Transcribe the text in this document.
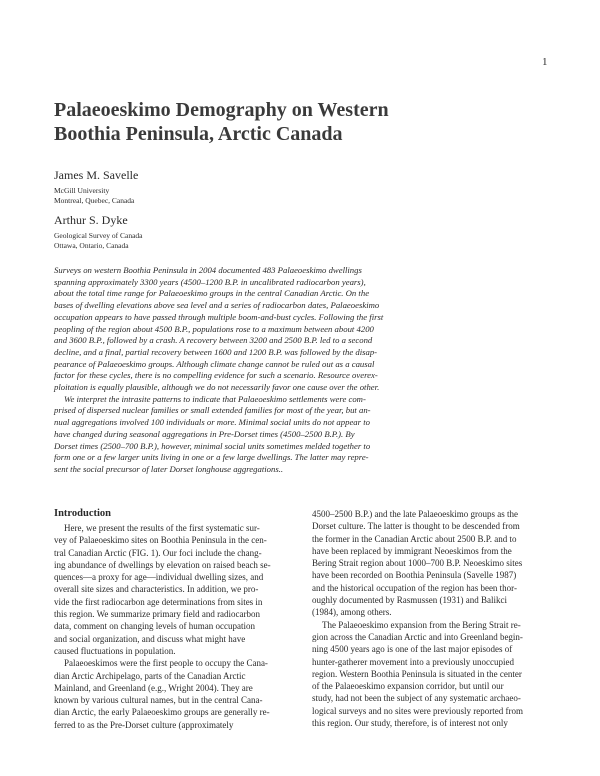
1
Palaeoeskimo Demography on Western
Boothia Peninsula, Arctic Canada
James M. Savelle
McGill University
Montreal, Quebec, Canada
Arthur S. Dyke
Geological Survey of Canada
Ottawa, Ontario, Canada
Surveys on western Boothia Peninsula in 2004 documented 483 Palaeoeskimo dwellings
spanning approximately 3300 years (4500–1200 B.P. in uncalibrated radiocarbon years),
about the total time range for Palaeoeskimo groups in the central Canadian Arctic. On the
bases of dwelling elevations above sea level and a series of radiocarbon dates, Palaeoeskimo
occupation appears to have passed through multiple boom-and-bust cycles. Following the first
peopling of the region about 4500 B.P., populations rose to a maximum between about 4200
and 3600 B.P., followed by a crash. A recovery between 3200 and 2500 B.P. led to a second
decline, and a final, partial recovery between 1600 and 1200 B.P. was followed by the disap-
pearance of Palaeoeskimo groups. Although climate change cannot be ruled out as a causal
factor for these cycles, there is no compelling evidence for such a scenario. Resource overex-
ploitation is equally plausible, although we do not necessarily favor one cause over the other.
We interpret the intrasite patterns to indicate that Palaeoeskimo settlements were com-
prised of dispersed nuclear families or small extended families for most of the year, but an-
nual aggregations involved 100 individuals or more. Minimal social units do not appear to
have changed during seasonal aggregations in Pre-Dorset times (4500–2500 B.P.). By
Dorset times (2500–700 B.P.), however, minimal social units sometimes melded together to
form one or a few larger units living in one or a few large dwellings. The latter may repre-
sent the social precursor of later Dorset longhouse aggregations..
Introduction
Here, we present the results of the first systematic sur-
vey of Palaeoeskimo sites on Boothia Peninsula in the cen-
tral Canadian Arctic (FIG. 1). Our foci include the chang-
ing abundance of dwellings by elevation on raised beach se-
quences—a proxy for age—individual dwelling sizes, and
overall site sizes and characteristics. In addition, we pro-
vide the first radiocarbon age determinations from sites in
this region. We summarize primary field and radiocarbon
data, comment on changing levels of human occupation
and social organization, and discuss what might have
caused fluctuations in population.
Palaeoeskimos were the first people to occupy the Cana-
dian Arctic Archipelago, parts of the Canadian Arctic
Mainland, and Greenland (e.g., Wright 2004). They are
known by various cultural names, but in the central Cana-
dian Arctic, the early Palaeoeskimo groups are generally re-
ferred to as the Pre-Dorset culture (approximately
4500–2500 B.P.) and the late Palaeoeskimo groups as the
Dorset culture. The latter is thought to be descended from
the former in the Canadian Arctic about 2500 B.P. and to
have been replaced by immigrant Neoeskimos from the
Bering Strait region about 1000–700 B.P. Neoeskimo sites
have been recorded on Boothia Peninsula (Savelle 1987)
and the historical occupation of the region has been thor-
oughly documented by Rasmussen (1931) and Balikci
(1984), among others.
The Palaeoeskimo expansion from the Bering Strait re-
gion across the Canadian Arctic and into Greenland begin-
ning 4500 years ago is one of the last major episodes of
hunter-gatherer movement into a previously unoccupied
region. Western Boothia Peninsula is situated in the center
of the Palaeoeskimo expansion corridor, but until our
study, had not been the subject of any systematic archaeo-
logical surveys and no sites were previously reported from
this region. Our study, therefore, is of interest not only
